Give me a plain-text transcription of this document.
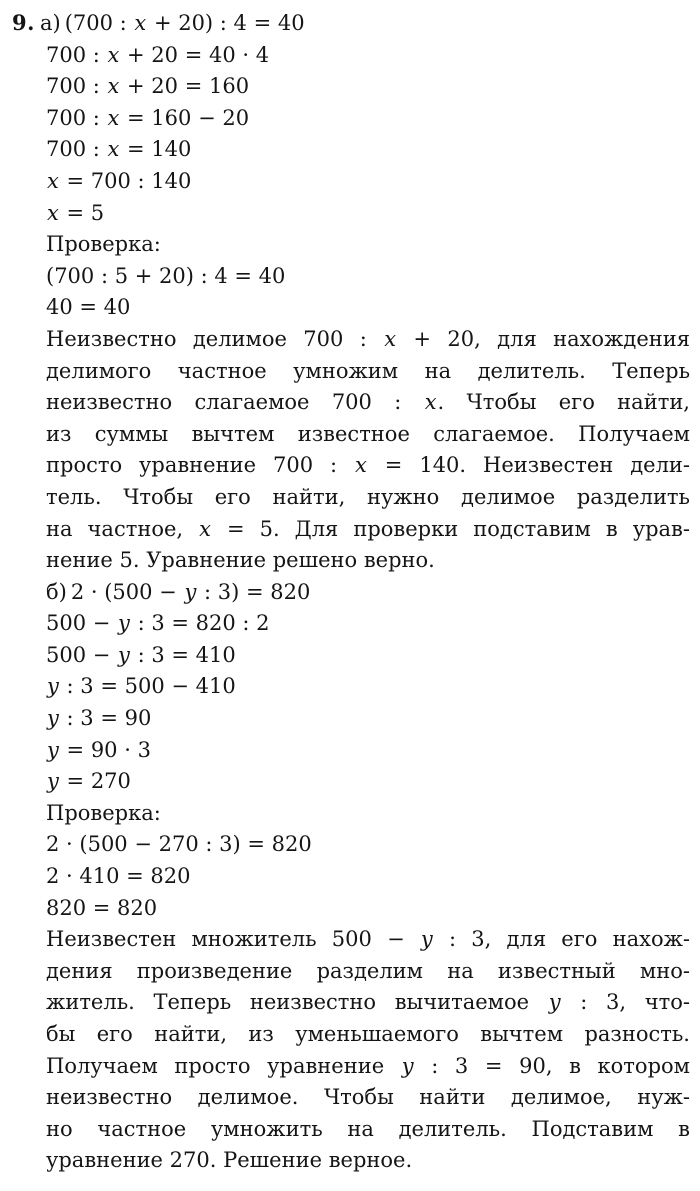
9. а) (700 : x + 20) : 4 = 40
700 : x + 20 = 40 · 4
700 : x + 20 = 160
700 : x = 160 − 20
700 : x = 140
x = 700 : 140
x = 5
Проверка:
(700 : 5 + 20) : 4 = 40
40 = 40
Неизвестно делимое 700 : x + 20, для нахождения
делимого частное умножим на делитель. Теперь
неизвестно слагаемое 700 : x. Чтобы его найти,
из суммы вычтем известное слагаемое. Получаем
просто уравнение 700 : x = 140. Неизвестен дели-
тель. Чтобы его найти, нужно делимое разделить
на частное, x = 5. Для проверки подставим в урав-
нение 5. Уравнение решено верно.
б) 2 · (500 − y : 3) = 820
500 − y : 3 = 820 : 2
500 − y : 3 = 410
y : 3 = 500 − 410
y : 3 = 90
y = 90 · 3
y = 270
Проверка:
2 · (500 − 270 : 3) = 820
2 · 410 = 820
820 = 820
Неизвестен множитель 500 − y : 3, для его нахож-
дения произведение разделим на известный мно-
житель. Теперь неизвестно вычитаемое y : 3, что-
бы его найти, из уменьшаемого вычтем разность.
Получаем просто уравнение y : 3 = 90, в котором
неизвестно делимое. Чтобы найти делимое, нуж-
но частное умножить на делитель. Подставим в
уравнение 270. Решение верное.
